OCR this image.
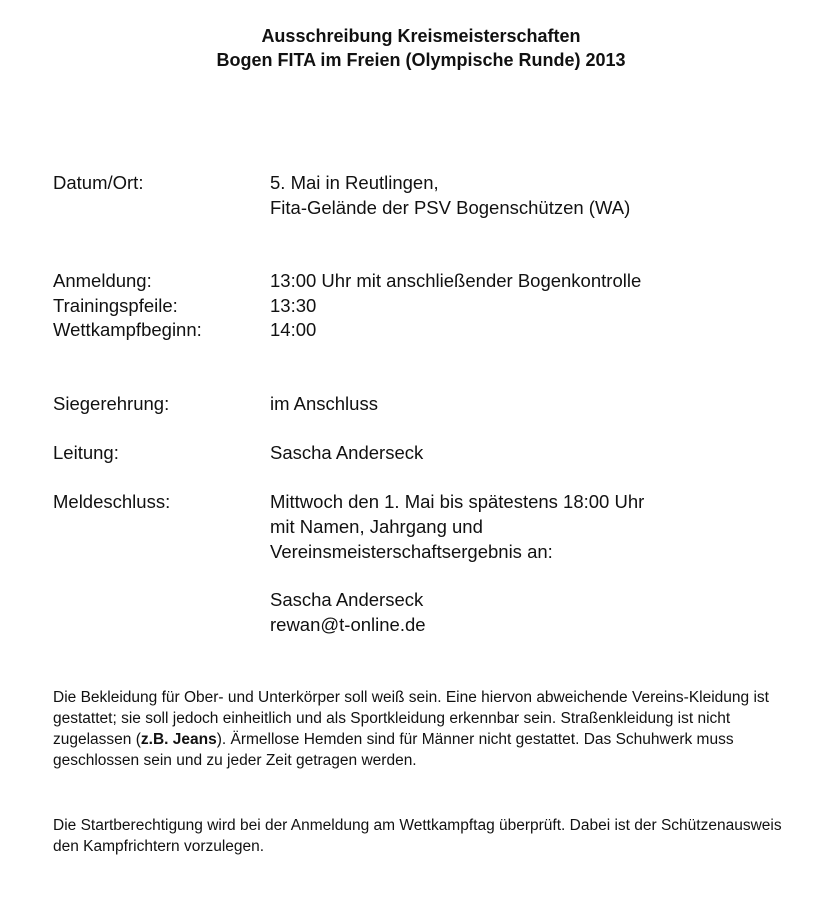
Ausschreibung Kreismeisterschaften
Bogen FITA im Freien (Olympische Runde) 2013
Datum/Ort:	5. Mai in Reutlingen,
Fita-Gelände der PSV Bogenschützen (WA)
Anmeldung:	13:00 Uhr mit anschließender Bogenkontrolle
Trainingspfeile:	13:30
Wettkampfbeginn:	14:00
Siegerehrung:	im Anschluss
Leitung:	Sascha Anderseck
Meldeschluss:	Mittwoch den 1. Mai bis spätestens 18:00 Uhr
mit Namen, Jahrgang und
Vereinsmeisterschaftsergebnis an:
Sascha Anderseck
rewan@t-online.de
Die Bekleidung für Ober- und Unterkörper soll weiß sein. Eine hiervon abweichende Vereins-Kleidung ist gestattet; sie soll jedoch einheitlich und als Sportkleidung erkennbar sein. Straßenkleidung ist nicht zugelassen (z.B. Jeans). Ärmellose Hemden sind für Männer nicht gestattet. Das Schuhwerk muss geschlossen sein und zu jeder Zeit getragen werden.
Die Startberechtigung wird bei der Anmeldung am Wettkampftag überprüft. Dabei ist der Schützenausweis den Kampfrichtern vorzulegen.
